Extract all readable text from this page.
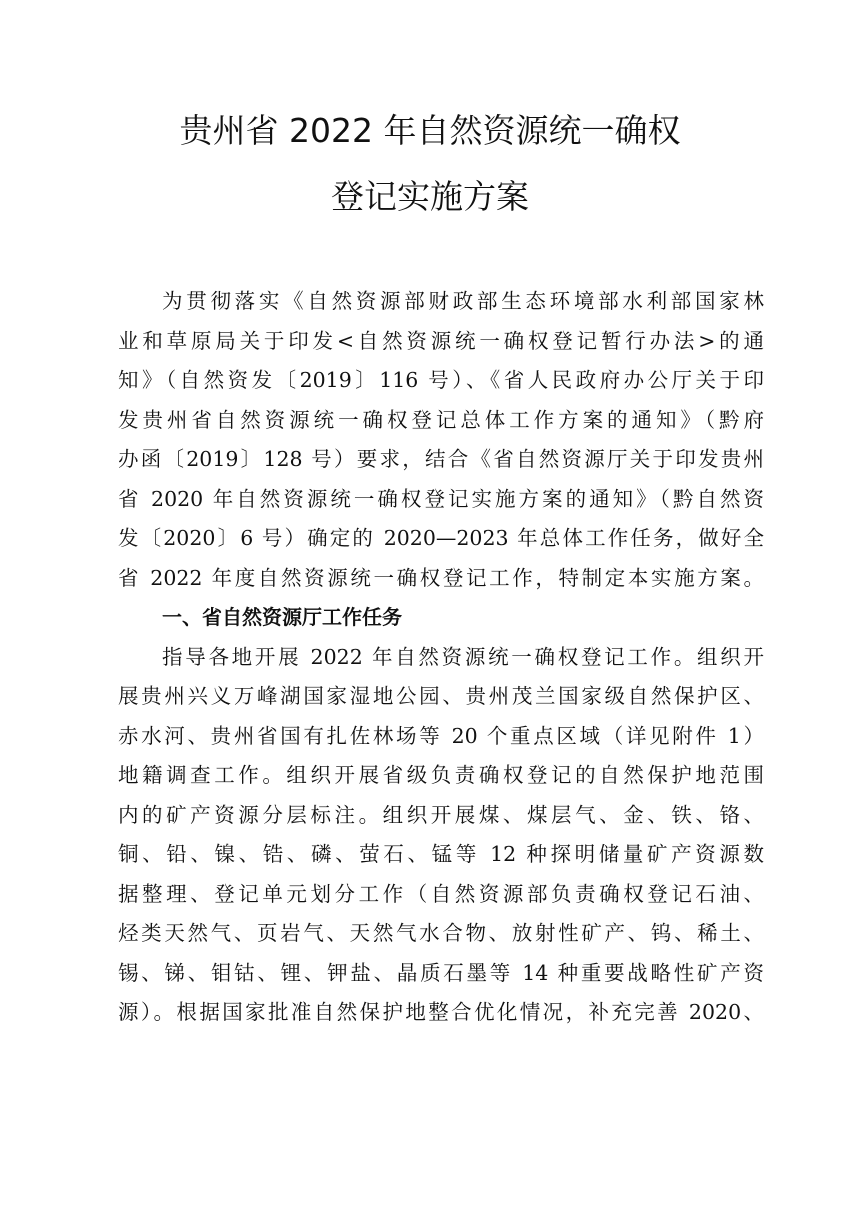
贵州省 2022 年自然资源统一确权
登记实施方案
为贯彻落实《自然资源部财政部生态环境部水利部国家林
业和草原局关于印发<自然资源统一确权登记暂行办法>的通
知》（自然资发〔2019〕116 号）、《省人民政府办公厅关于印
发贵州省自然资源统一确权登记总体工作方案的通知》（黔府
办函〔2019〕128 号）要求，结合《省自然资源厅关于印发贵州
省 2020 年自然资源统一确权登记实施方案的通知》（黔自然资
发〔2020〕6 号）确定的 2020—2023 年总体工作任务，做好全
省 2022 年度自然资源统一确权登记工作，特制定本实施方案。
一、省自然资源厅工作任务
指导各地开展 2022 年自然资源统一确权登记工作。组织开
展贵州兴义万峰湖国家湿地公园、贵州茂兰国家级自然保护区、
赤水河、贵州省国有扎佐林场等 20 个重点区域（详见附件 1）
地籍调查工作。组织开展省级负责确权登记的自然保护地范围
内的矿产资源分层标注。组织开展煤、煤层气、金、铁、铬、
铜、铅、镍、锆、磷、萤石、锰等 12 种探明储量矿产资源数
据整理、登记单元划分工作（自然资源部负责确权登记石油、
烃类天然气、页岩气、天然气水合物、放射性矿产、钨、稀土、
锡、锑、钼钴、锂、钾盐、晶质石墨等 14 种重要战略性矿产资
源）。根据国家批准自然保护地整合优化情况，补充完善 2020、
